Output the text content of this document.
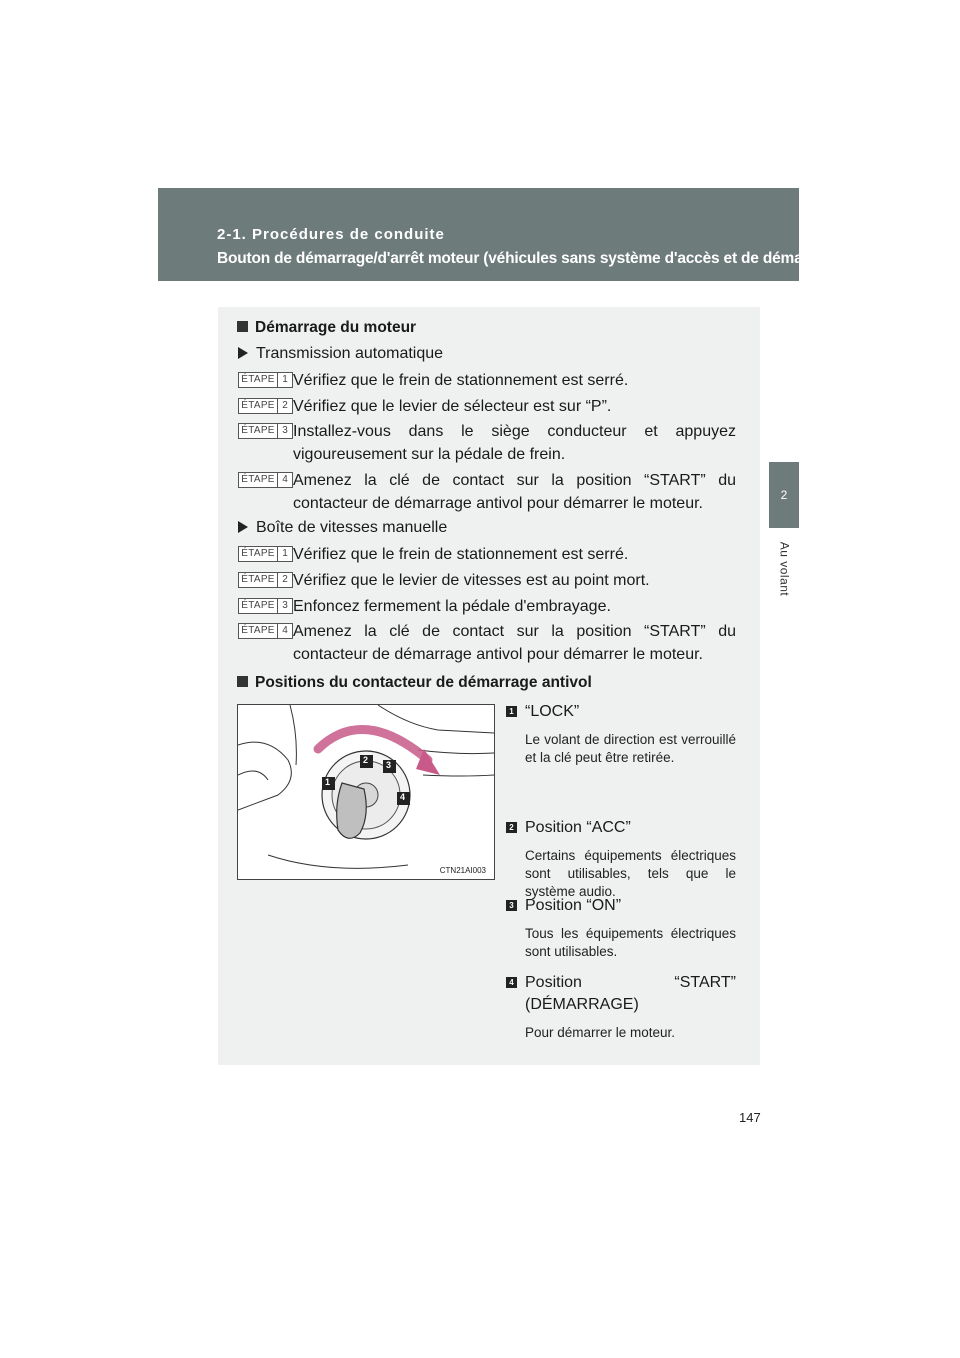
2-1. Procédures de conduite
Bouton de démarrage/d'arrêt moteur (véhicules sans système d'accès et de démarrage “mains libres”)
2
Au volant
Démarrage du moteur
Transmission automatique
ÉTAPE 1 Vérifiez que le frein de stationnement est serré.
ÉTAPE 2 Vérifiez que le levier de sélecteur est sur “P”.
ÉTAPE 3 Installez-vous dans le siège conducteur et appuyez vigoureusement sur la pédale de frein.
ÉTAPE 4 Amenez la clé de contact sur la position “START” du contacteur de démarrage antivol pour démarrer le moteur.
Boîte de vitesses manuelle
ÉTAPE 1 Vérifiez que le frein de stationnement est serré.
ÉTAPE 2 Vérifiez que le levier de vitesses est au point mort.
ÉTAPE 3 Enfoncez fermement la pédale d'embrayage.
ÉTAPE 4 Amenez la clé de contact sur la position “START” du contacteur de démarrage antivol pour démarrer le moteur.
Positions du contacteur de démarrage antivol
1
2 3
4
CTN21AI003
1 “LOCK”
Le volant de direction est verrouillé et la clé peut être retirée.
2 Position “ACC”
Certains équipements électriques sont utilisables, tels que le système audio.
3 Position “ON”
Tous les équipements électriques sont utilisables.
4 Position “START” (DÉMARRAGE)
Pour démarrer le moteur.
147
